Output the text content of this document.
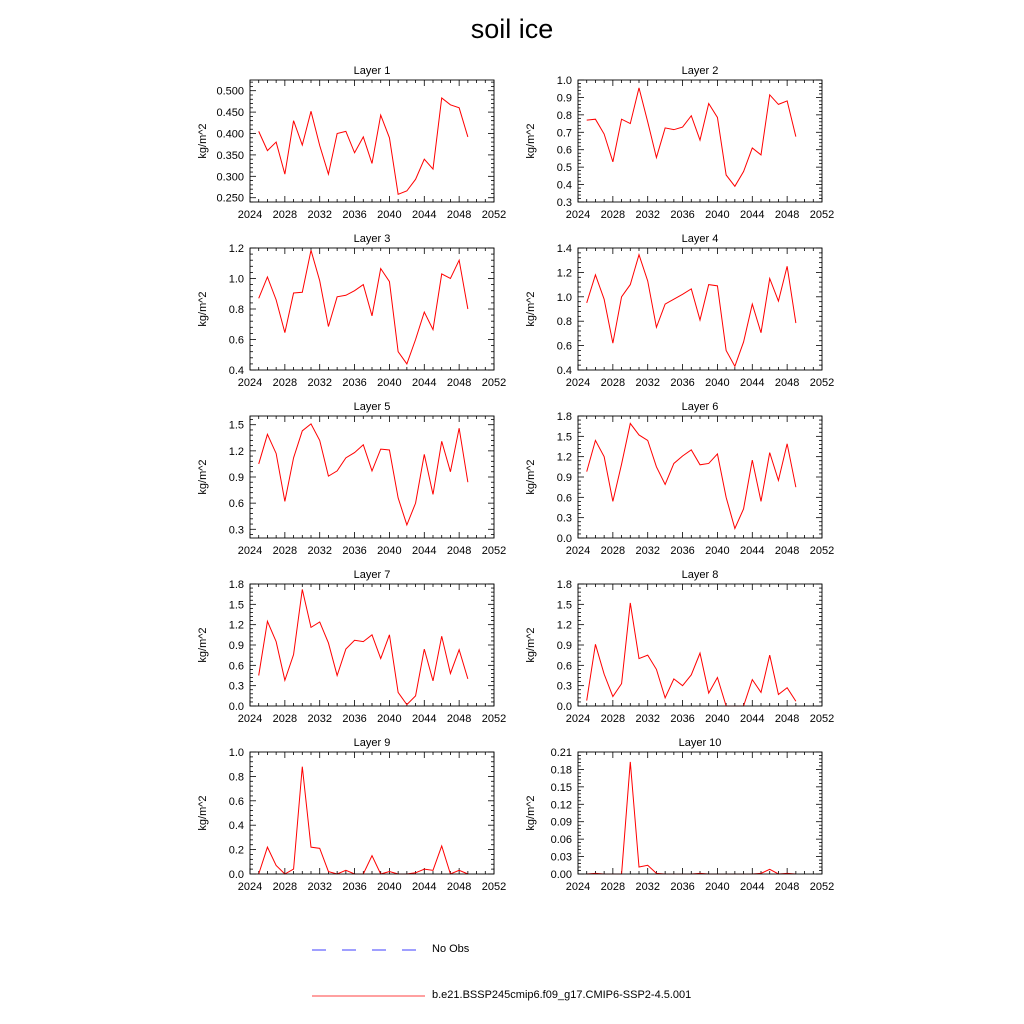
soil ice
Layer 1
kg/m^2
2024 2028 2032 2036 2040 2044 2048 2052
0.250
0.300
0.350
0.400
0.450
0.500
Layer 2
kg/m^2
2024 2028 2032 2036 2040 2044 2048 2052
0.3
0.4
0.5
0.6
0.7
0.8
0.9
1.0
Layer 3
kg/m^2
2024 2028 2032 2036 2040 2044 2048 2052
0.4
0.6
0.8
1.0
1.2
Layer 4
kg/m^2
2024 2028 2032 2036 2040 2044 2048 2052
0.4
0.6
0.8
1.0
1.2
1.4
Layer 5
kg/m^2
2024 2028 2032 2036 2040 2044 2048 2052
0.3
0.6
0.9
1.2
1.5
Layer 6
kg/m^2
2024 2028 2032 2036 2040 2044 2048 2052
0.0
0.3
0.6
0.9
1.2
1.5
1.8
Layer 7
kg/m^2
2024 2028 2032 2036 2040 2044 2048 2052
0.0
0.3
0.6
0.9
1.2
1.5
1.8
Layer 8
kg/m^2
2024 2028 2032 2036 2040 2044 2048 2052
0.0
0.3
0.6
0.9
1.2
1.5
1.8
Layer 9
kg/m^2
2024 2028 2032 2036 2040 2044 2048 2052
0.0
0.2
0.4
0.6
0.8
1.0
Layer 10
kg/m^2
2024 2028 2032 2036 2040 2044 2048 2052
0.00
0.03
0.06
0.09
0.12
0.15
0.18
0.21
No Obs
b.e21.BSSP245cmip6.f09_g17.CMIP6-SSP2-4.5.001
